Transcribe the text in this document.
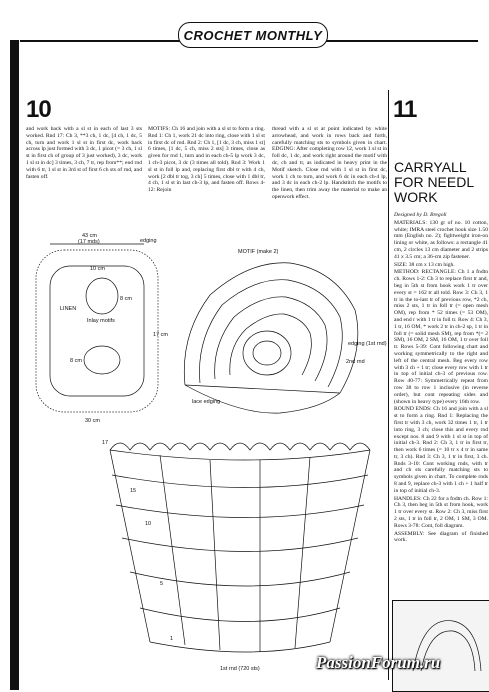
CROCHET MONTHLY
10	11

and work back with a sl st in each of last 3 sts worked. Rnd 17: Ch 3, **3 ch, 1 dc, [4 ch, 1 dc, 5 ch, turn and work 1 sl st in first dc, work back across lp just formed with 3 dc, 1 picot (= 3 ch, 1 sl st in first ch of group of 3 just worked), 3 dc, work 1 sl st in dc] 3 times, 3 ch, 7 tr, rep from**; end rnd with 6 tr, 1 sl st in 3rd st of first 6 ch sts of rnd, and fasten off.

MOTIFS: Ch 16 and join with a sl st to form a ring. Rnd 1: Ch 1, work 21 dc into ring, close with 1 sl st in first dc of rnd. Rnd 2: Ch 1, [1 dc, 3 ch, miss 1 st] 6 times, [1 dc, 5 ch, miss 2 sts] 3 times, close as given for rnd 1, turn and in each ch-5 lp work 3 dc, 1 ch-3 picot, 3 dc (3 times all told). Rnd 3: Work 1 sl st in foll lp and, replacing first dbl tr with 4 ch, work [2 dbl tr tog, 3 ch] 5 times, close with 1 dbl tr, 4 ch, 1 sl st in last ch-3 lp, and fasten off. Rows 4-12: Rejoin

thread with a sl st at point indicated by white arrowhead, and work in rows back and forth, carefully matching sts to symbols given in chart. EDGING: After completing row 12, work 1 sl st in foll dc, 1 dc, and work right around the motif with dc, ch and tr, as indicated in heavy print in the Motif sketch. Close rnd with 1 sl st in first dc, work 1 ch to turn, and work 6 dc in each ch-4 lp, and 3 dc in each ch-2 lp. Handstitch the motifs to the linen, then trim away the material to make an openwork effect.

43 cm
(17 mds)
LINEN
Inlay motifs
10 cm
8 cm
8 cm
17 cm
30 cm
edging
MOTIF (make 2)
edging (1st rnd)
2nd rnd
lace edging
1st rnd (720 sts)
17
15
10
5
1
CARRYALL
FOR NEEDL
WORK

Designed by D. Bregoli

MATERIALS: 130 gr of no. 10 cotton, white; IMRA steel crochet hook size 1.50 mm (English no. 2); fightweight iron-on lining or white, as follows: a rectangle 41 cm, 2 circles 13 cm diameter and 2 strips 41 x 3.5 cm; a 36-cm zip fastener.

SIZE: 38 cm x 13 cm high.

METHOD: RECTANGLE: Ch 1 a fndtn ch. Rows 1-2: Ch 3 to replace first tr and, beg in 5th st from hook work 1 tr over every st = 162 tr all told. Row 3: Ch 3, 1 tr in the to-last tr of previous row, *2 ch, miss 2 sts, 1 tr in foll tr (= open mesh OM), rep from * 52 times (= 53 OM), and end r with 1 tr in foll tr. Row 4: Ch 3, 1 tr, 16 OM, * work 2 tr in ch-2 sp, 1 tr in foll tr (= solid mesh SM), rep from *(= 2 SM), 16 OM, 2 SM, 16 OM, 1 tr over foll tr. Rows 5-39: Cont following chart and working symmetrically to the right and left of the central mesh. Beg every row with 3 ch + 1 tr; close every row with 1 tr in top of initial ch-3 of previous row. Row 40-77: Symmetrically repeat from row 38 to row 1 inclusive (in reverse order), but cont repeating sides and (shown in heavy type) every 16th row.

ROUND ENDS: Ch 16 and join with a sl st to form a ring. Rnd 1: Replacing the first tr with 3 ch, work 32 times 1 tr, 1 tr into ring, 3 ch; close this and every rnd except nos. 8 and 9 with 1 sl st in top of initial ch-3. Rnd 2: Ch 3, 1 tr in first tr, then work 6 times (= 10 tr x 4 tr in same tr, 3 ch). Rnd 3: Ch 3, 1 tr in first, 3 ch. Rnds 3-10: Cont working rnds, with tr and ch sts carefully matching sts to symbols given in chart. To complete rnds 8 and 9, replace ch-3 with 1 ch + 1 half tr in top of initial ch-3.

HANDLES: Ch 22 for a fndtn ch. Row 1: Ch 3, then beg in 5th st from hook, work 1 tr over every st. Row 2: Ch 3, miss first 2 sts, 1 tr in foll tr, 2 OM, 1 SM, 3 OM. Rows 3-78: Cont, foll diagram.

ASSEMBLY: See diagram of finished work.

PassionForum.ru
